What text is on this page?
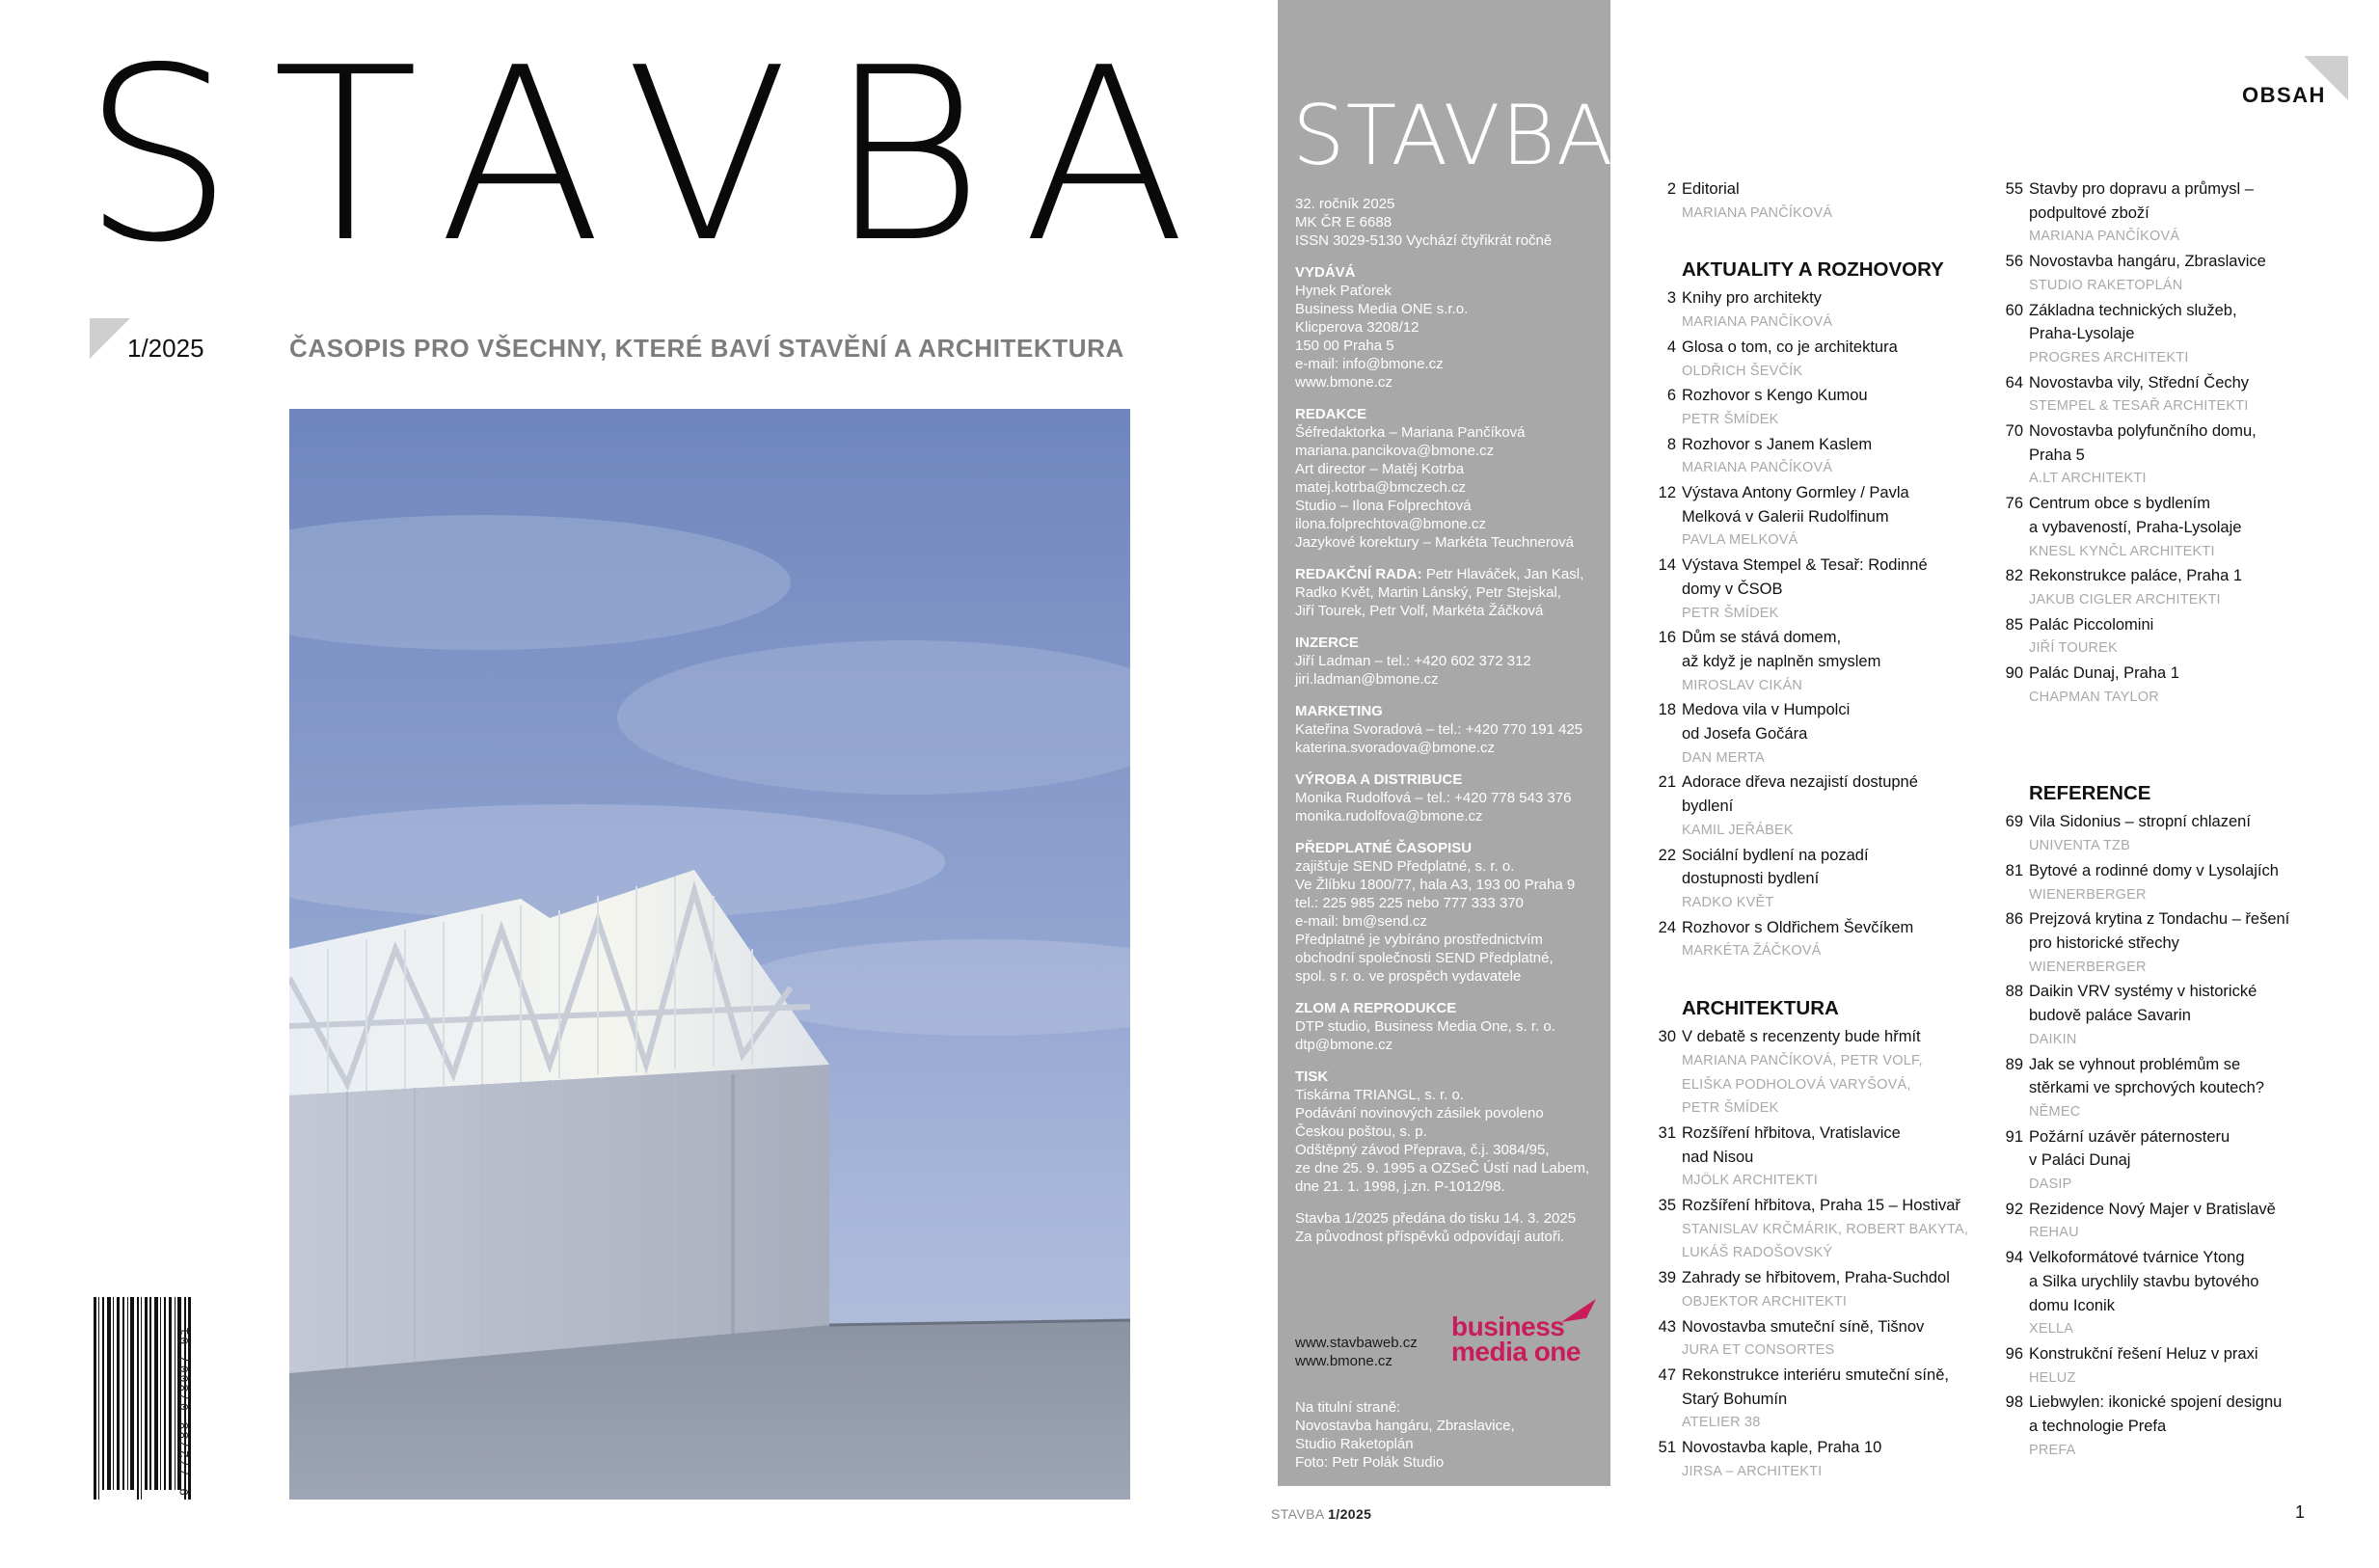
STAVBA
1/2025	ČASOPIS PRO VŠECHNY, KTERÉ BAVÍ STAVĚNÍ A ARCHITEKTURA
9 772788 078007 01
STAVBA
32. ročník 2025
MK ČR E 6688
ISSN 3029-5130 Vychází čtyřikrát ročně
VYDÁVÁ
Hynek Paťorek
Business Media ONE s.r.o.
Klicperova 3208/12
150 00 Praha 5
e-mail: info@bmone.cz
www.bmone.cz
REDAKCE
Šéfredaktorka – Mariana Pančíková
mariana.pancikova@bmone.cz
Art director – Matěj Kotrba
matej.kotrba@bmczech.cz
Studio – Ilona Folprechtová
ilona.folprechtova@bmone.cz
Jazykové korektury – Markéta Teuchnerová
REDAKČNÍ RADA: Petr Hlaváček, Jan Kasl,
Radko Květ, Martin Lánský, Petr Stejskal,
Jiří Tourek, Petr Volf, Markéta Žáčková
INZERCE
Jiří Ladman – tel.: +420 602 372 312
jiri.ladman@bmone.cz
MARKETING
Kateřina Svoradová – tel.: +420 770 191 425
katerina.svoradova@bmone.cz
VÝROBA A DISTRIBUCE
Monika Rudolfová – tel.: +420 778 543 376
monika.rudolfova@bmone.cz
PŘEDPLATNÉ ČASOPISU
zajišťuje SEND Předplatné, s. r. o.
Ve Žlíbku 1800/77, hala A3, 193 00 Praha 9
tel.: 225 985 225 nebo 777 333 370
e-mail: bm@send.cz
Předplatné je vybíráno prostřednictvím
obchodní společnosti SEND Předplatné,
spol. s r. o. ve prospěch vydavatele
ZLOM A REPRODUKCE
DTP studio, Business Media One, s. r. o.
dtp@bmone.cz
TISK
Tiskárna TRIANGL, s. r. o.
Podávání novinových zásilek povoleno
Českou poštou, s. p.
Odštěpný závod Přeprava, č.j. 3084/95,
ze dne 25. 9. 1995 a OZSeČ Ústí nad Labem,
dne 21. 1. 1998, j.zn. P-1012/98.
Stavba 1/2025 předána do tisku 14. 3. 2025
Za původnost příspěvků odpovídají autoři.
www.stavbaweb.cz
www.bmone.cz
business
media one
Na titulní straně:
Novostavba hangáru, Zbraslavice,
Studio Raketoplán
Foto: Petr Polák Studio
OBSAH
2 Editorial
MARIANA PANČÍKOVÁ
AKTUALITY A ROZHOVORY
3 Knihy pro architekty
MARIANA PANČÍKOVÁ
4 Glosa o tom, co je architektura
OLDŘICH ŠEVČÍK
6 Rozhovor s Kengo Kumou
PETR ŠMÍDEK
8 Rozhovor s Janem Kaslem
MARIANA PANČÍKOVÁ
12 Výstava Antony Gormley / Pavla
Melková v Galerii Rudolfinum
PAVLA MELKOVÁ
14 Výstava Stempel & Tesař: Rodinné
domy v ČSOB
PETR ŠMÍDEK
16 Dům se stává domem,
až když je naplněn smyslem
MIROSLAV CIKÁN
18 Medova vila v Humpolci
od Josefa Gočára
DAN MERTA
21 Adorace dřeva nezajistí dostupné
bydlení
KAMIL JEŘÁBEK
22 Sociální bydlení na pozadí
dostupnosti bydlení
RADKO KVĚT
24 Rozhovor s Oldřichem Ševčíkem
MARKÉTA ŽÁČKOVÁ
ARCHITEKTURA
30 V debatě s recenzenty bude hřmít
MARIANA PANČÍKOVÁ, PETR VOLF,
ELIŠKA PODHOLOVÁ VARYŠOVÁ,
PETR ŠMÍDEK
31 Rozšíření hřbitova, Vratislavice
nad Nisou
MJÖLK ARCHITEKTI
35 Rozšíření hřbitova, Praha 15 – Hostivař
STANISLAV KRČMÁRIK, ROBERT BAKYTA,
LUKÁŠ RADOŠOVSKÝ
39 Zahrady se hřbitovem, Praha-Suchdol
OBJEKTOR ARCHITEKTI
43 Novostavba smuteční síně, Tišnov
JURA ET CONSORTES
47 Rekonstrukce interiéru smuteční síně,
Starý Bohumín
ATELIER 38
51 Novostavba kaple, Praha 10
JIRSA – ARCHITEKTI
55 Stavby pro dopravu a průmysl –
podpultové zboží
MARIANA PANČÍKOVÁ
56 Novostavba hangáru, Zbraslavice
STUDIO RAKETOPLÁN
60 Základna technických služeb,
Praha-Lysolaje
PROGRES ARCHITEKTI
64 Novostavba vily, Střední Čechy
STEMPEL & TESAŘ ARCHITEKTI
70 Novostavba polyfunčního domu,
Praha 5
A.LT ARCHITEKTI
76 Centrum obce s bydlením
a vybaveností, Praha-Lysolaje
KNESL KYNČL ARCHITEKTI
82 Rekonstrukce paláce, Praha 1
JAKUB CIGLER ARCHITEKTI
85 Palác Piccolomini
JIŘÍ TOUREK
90 Palác Dunaj, Praha 1
CHAPMAN TAYLOR
REFERENCE
69 Vila Sidonius – stropní chlazení
UNIVENTA TZB
81 Bytové a rodinné domy v Lysolajích
WIENERBERGER
86 Prejzová krytina z Tondachu – řešení
pro historické střechy
WIENERBERGER
88 Daikin VRV systémy v historické
budově paláce Savarin
DAIKIN
89 Jak se vyhnout problémům se
stěrkami ve sprchových koutech?
NĚMEC
91 Požární uzávěr páternosteru
v Paláci Dunaj
DASIP
92 Rezidence Nový Majer v Bratislavě
REHAU
94 Velkoformátové tvárnice Ytong
a Silka urychlily stavbu bytového
domu Iconik
XELLA
96 Konstrukční řešení Heluz v praxi
HELUZ
98 Liebwylen: ikonické spojení designu
a technologie Prefa
PREFA
STAVBA 1/2025	1
